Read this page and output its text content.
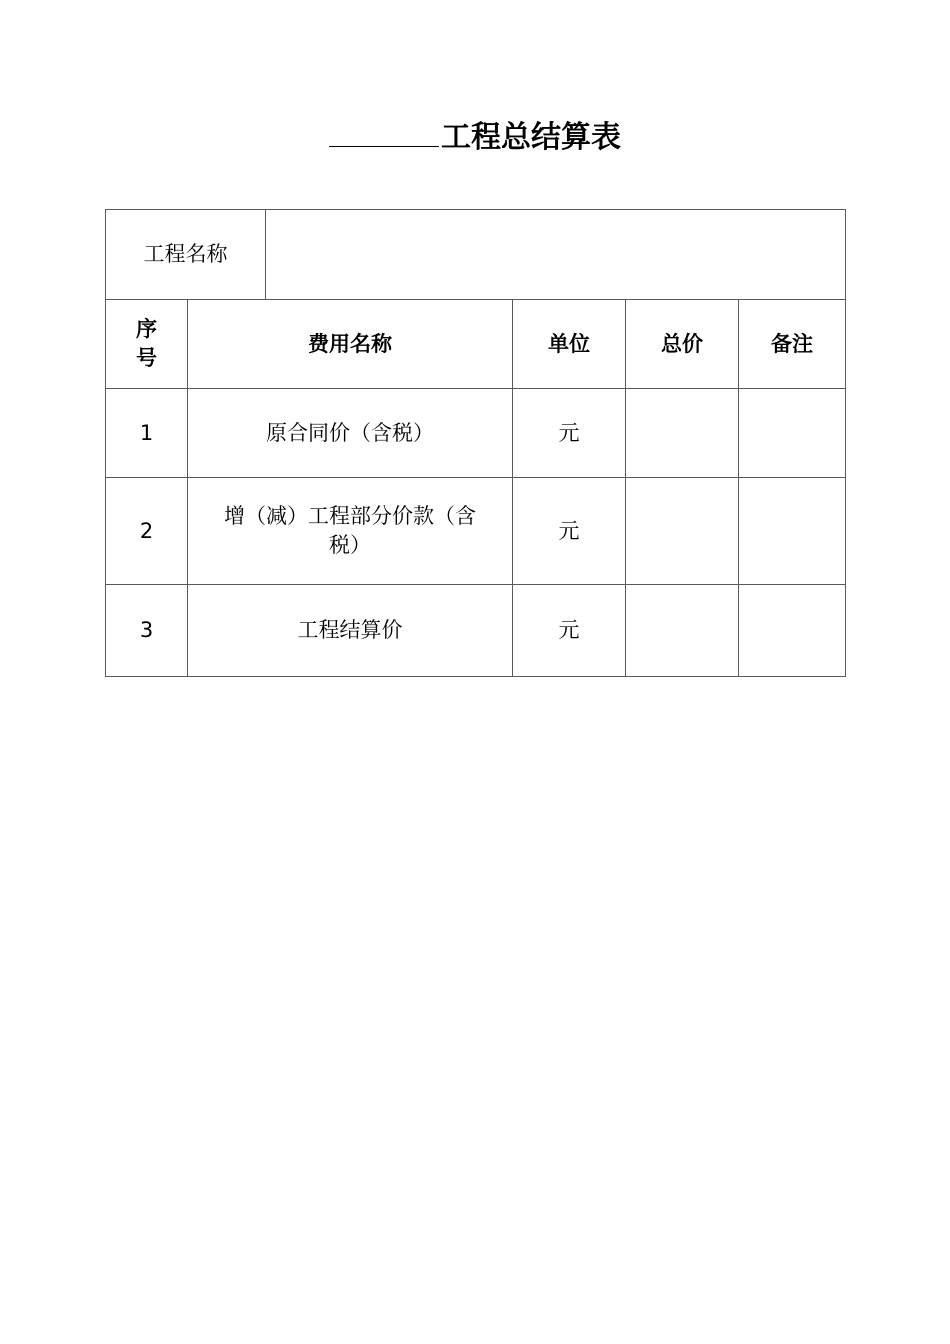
工程总结算表
工程名称				

序号	费用名称	单位	总价	备注
1	原合同价（含税）	元		
2	增（减）工程部分价款（含税）	元		
3	工程结算价	元		
